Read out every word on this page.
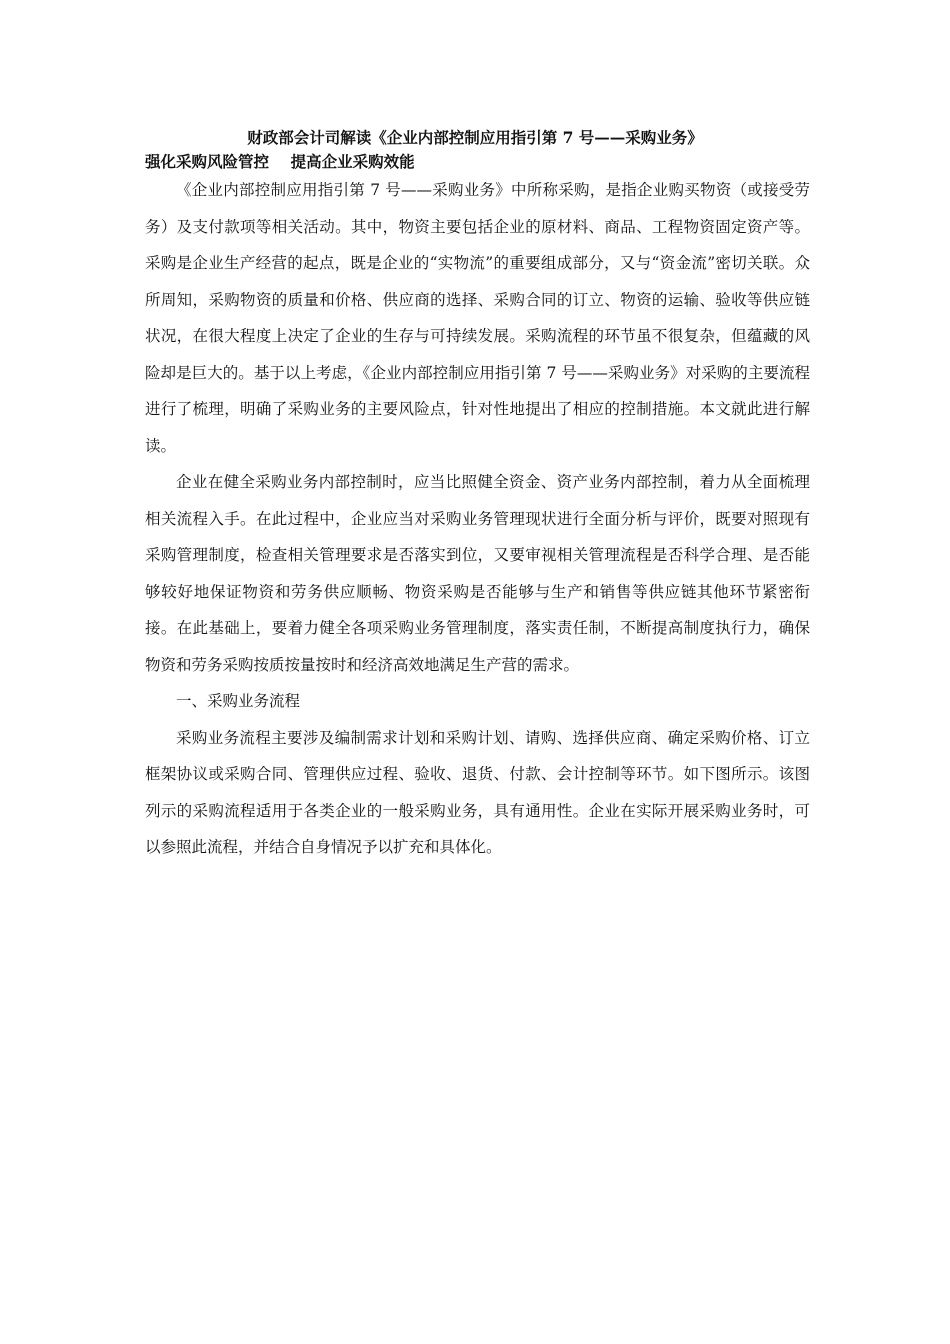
财政部会计司解读《企业内部控制应用指引第 7 号——采购业务》
强化采购风险管控    提高企业采购效能

《企业内部控制应用指引第 7 号——采购业务》中所称采购，是指企业购买物资（或接受劳务）及支付款项等相关活动。其中，物资主要包括企业的原材料、商品、工程物资固定资产等。采购是企业生产经营的起点，既是企业的“实物流”的重要组成部分，又与“资金流”密切关联。众所周知，采购物资的质量和价格、供应商的选择、采购合同的订立、物资的运输、验收等供应链状况，在很大程度上决定了企业的生存与可持续发展。采购流程的环节虽不很复杂，但蕴藏的风险却是巨大的。基于以上考虑，《企业内部控制应用指引第 7 号——采购业务》对采购的主要流程进行了梳理，明确了采购业务的主要风险点，针对性地提出了相应的控制措施。本文就此进行解读。

企业在健全采购业务内部控制时，应当比照健全资金、资产业务内部控制，着力从全面梳理相关流程入手。在此过程中，企业应当对采购业务管理现状进行全面分析与评价，既要对照现有采购管理制度，检查相关管理要求是否落实到位，又要审视相关管理流程是否科学合理、是否能够较好地保证物资和劳务供应顺畅、物资采购是否能够与生产和销售等供应链其他环节紧密衔接。在此基础上，要着力健全各项采购业务管理制度，落实责任制，不断提高制度执行力，确保物资和劳务采购按质按量按时和经济高效地满足生产营的需求。

一、采购业务流程

采购业务流程主要涉及编制需求计划和采购计划、请购、选择供应商、确定采购价格、订立框架协议或采购合同、管理供应过程、验收、退货、付款、会计控制等环节。如下图所示。该图列示的采购流程适用于各类企业的一般采购业务，具有通用性。企业在实际开展采购业务时，可以参照此流程，并结合自身情况予以扩充和具体化。
